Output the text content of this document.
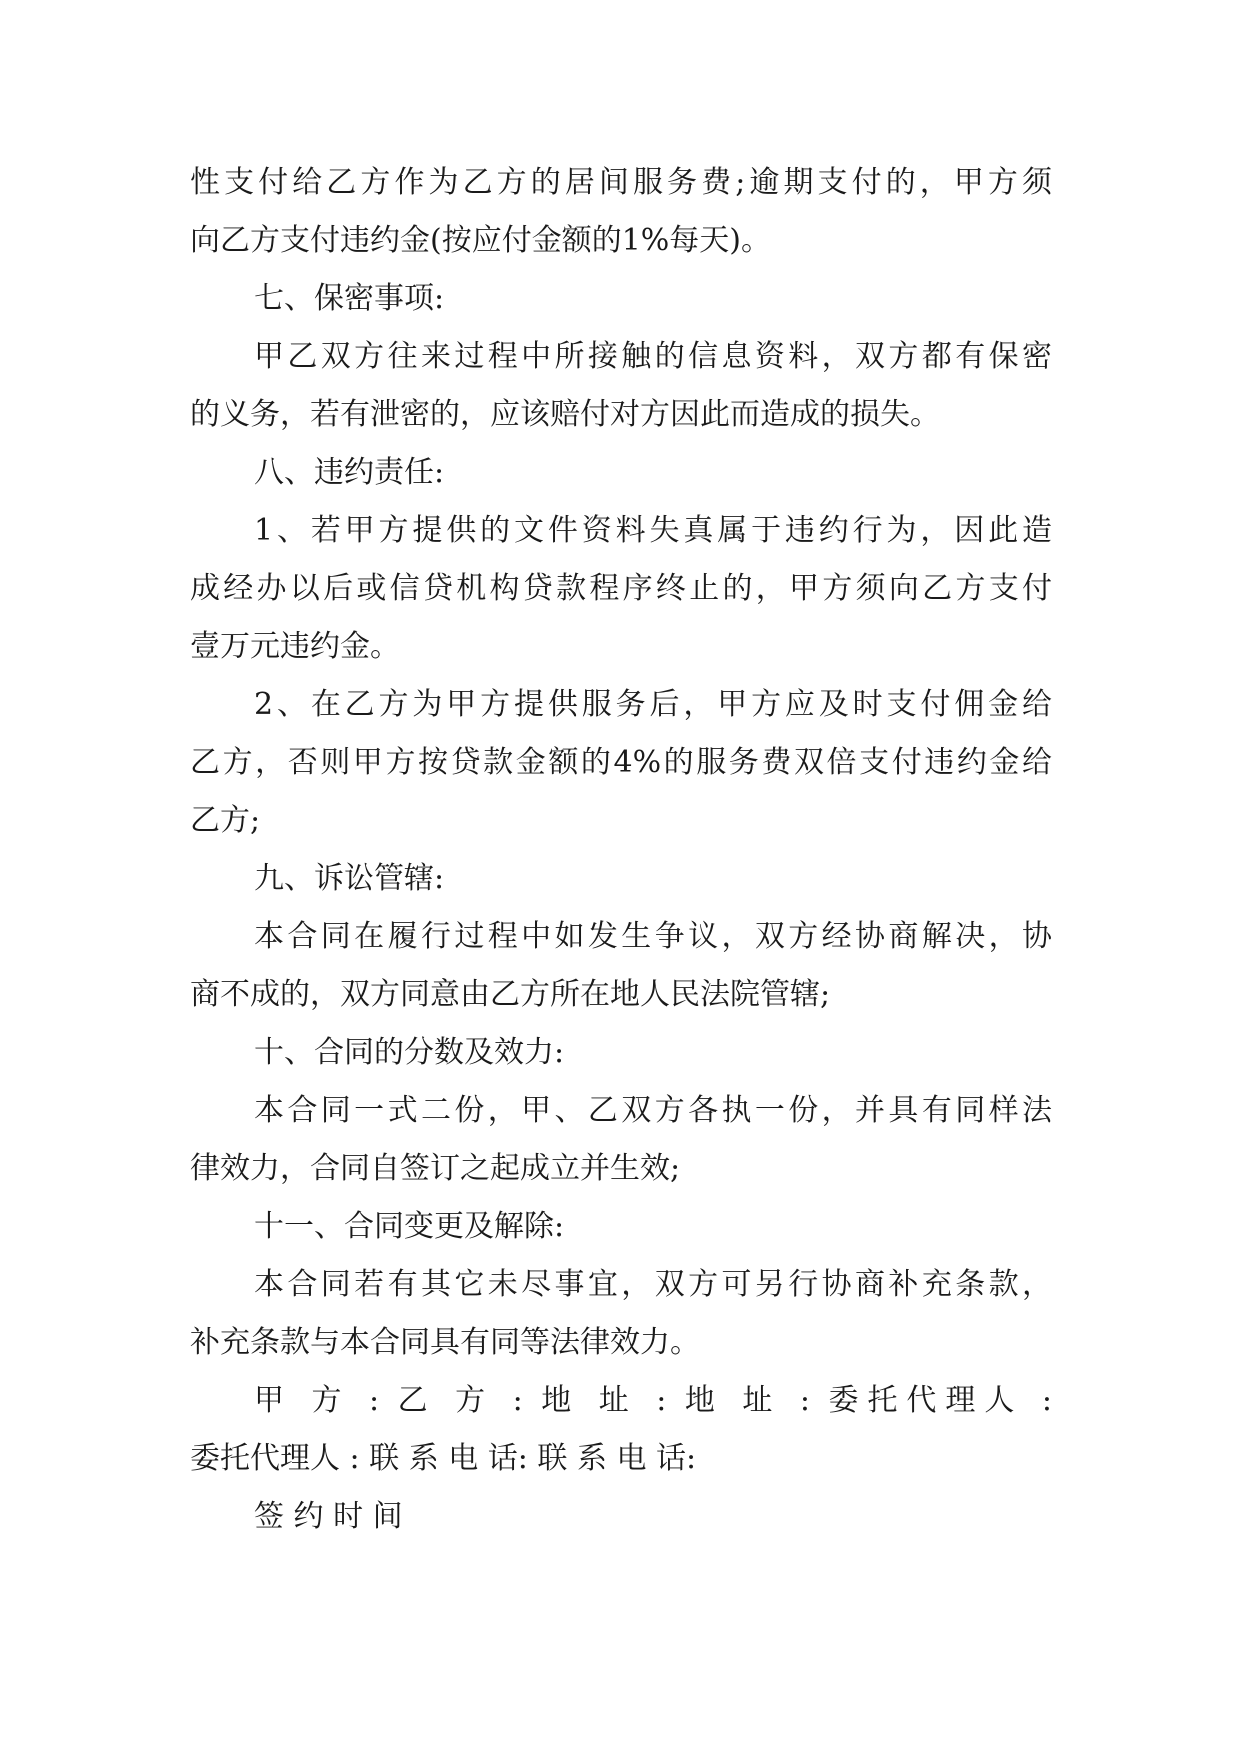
性支付给乙方作为乙方的居间服务费;逾期支付的，甲方须
向乙方支付违约金(按应付金额的1%每天)。
七、保密事项:
甲乙双方往来过程中所接触的信息资料，双方都有保密
的义务，若有泄密的，应该赔付对方因此而造成的损失。
八、违约责任:
1、若甲方提供的文件资料失真属于违约行为，因此造
成经办以后或信贷机构贷款程序终止的，甲方须向乙方支付
壹万元违约金。
2、在乙方为甲方提供服务后，甲方应及时支付佣金给
乙方，否则甲方按贷款金额的4%的服务费双倍支付违约金给
乙方;
九、诉讼管辖:
本合同在履行过程中如发生争议，双方经协商解决，协
商不成的，双方同意由乙方所在地人民法院管辖;
十、合同的分数及效力:
本合同一式二份，甲、乙双方各执一份，并具有同样法
律效力，合同自签订之起成立并生效;
十一、合同变更及解除:
本合同若有其它未尽事宜，双方可另行协商补充条款，
补充条款与本合同具有同等法律效力。
甲 方 : 乙 方 : 地 址 : 地 址 : 委托代理人 :
委托代理人 : 联 系 电 话: 联 系 电 话:
签 约 时 间
